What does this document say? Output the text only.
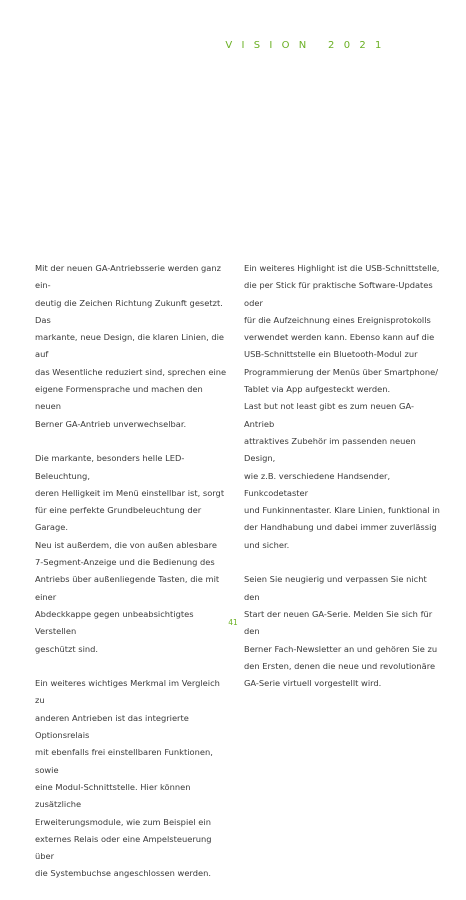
VISION 2021

Mit der neuen GA-Antriebsserie werden ganz ein-
deutig die Zeichen Richtung Zukunft gesetzt. Das
markante, neue Design, die klaren Linien, die auf
das Wesentliche reduziert sind, sprechen eine
eigene Formensprache und machen den neuen
Berner GA-Antrieb unverwechselbar.

Die markante, besonders helle LED-Beleuchtung,
deren Helligkeit im Menü einstellbar ist, sorgt
für eine perfekte Grundbeleuchtung der Garage.
Neu ist außerdem, die von außen ablesbare
7-Segment-Anzeige und die Bedienung des
Antriebs über außenliegende Tasten, die mit einer
Abdeckkappe gegen unbeabsichtigtes Verstellen
geschützt sind.

Ein weiteres wichtiges Merkmal im Vergleich zu
anderen Antrieben ist das integrierte Optionsrelais
mit ebenfalls frei einstellbaren Funktionen, sowie
eine Modul-Schnittstelle. Hier können zusätzliche
Erweiterungsmodule, wie zum Beispiel ein
externes Relais oder eine Ampelsteuerung über
die Systembuchse angeschlossen werden.

Ein weiteres Highlight ist die USB-Schnittstelle,
die per Stick für praktische Software-Updates oder
für die Aufzeichnung eines Ereignisprotokolls
verwendet werden kann. Ebenso kann auf die
USB-Schnittstelle ein Bluetooth-Modul zur
Programmierung der Menüs über Smartphone/
Tablet via App aufgesteckt werden.
Last but not least gibt es zum neuen GA-Antrieb
attraktives Zubehör im passenden neuen Design,
wie z.B. verschiedene Handsender, Funkcodetaster
und Funkinnentaster. Klare Linien, funktional in
der Handhabung und dabei immer zuverlässig
und sicher.

Seien Sie neugierig und verpassen Sie nicht den
Start der neuen GA-Serie. Melden Sie sich für den
Berner Fach-Newsletter an und gehören Sie zu
den Ersten, denen die neue und revolutionäre
GA-Serie virtuell vorgestellt wird.

41
